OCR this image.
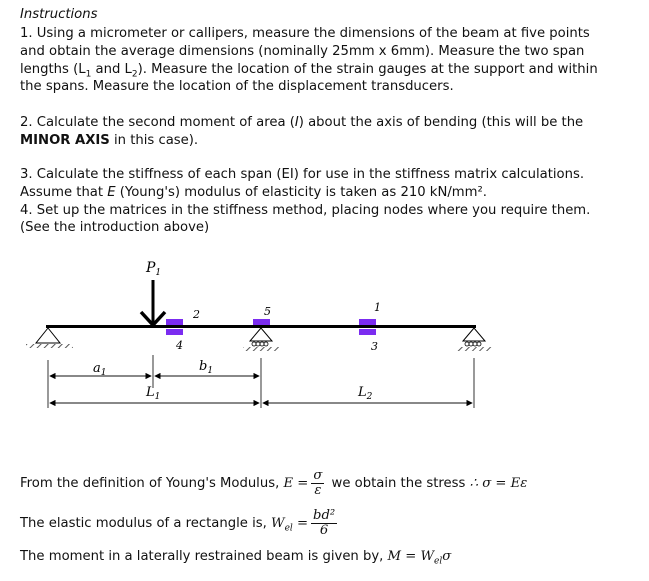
Instructions
1. Using a micrometer or callipers, measure the dimensions of the beam at five points
and obtain the average dimensions (nominally 25mm x 6mm). Measure the two span
lengths ($L_1$ and $L_2$). Measure the location of the strain gauges at the support and within
the spans. Measure the location of the displacement transducers.
2. Calculate the second moment of area (I) about the axis of bending (this will be the
MINOR AXIS in this case).
3. Calculate the stiffness of each span (EI) for use in the stiffness matrix calculations.
Assume that E (Young's) modulus of elasticity is taken as 210 kN/mm².
4. Set up the matrices in the stiffness method, placing nodes where you require them.
(See the introduction above)
$P_1$
2
4
5	1
3
$a_1$	$b_1$
$L_1$	$L_2$
From the definition of Young's Modulus, $E = \frac{\sigma}{\varepsilon}$ we obtain the stress ∴ σ = Eε
The elastic modulus of a rectangle is, $W_{el} = \frac{\text{bd²}}{6}$
The moment in a laterally restrained beam is given by, $M = W_{el}\sigma$
